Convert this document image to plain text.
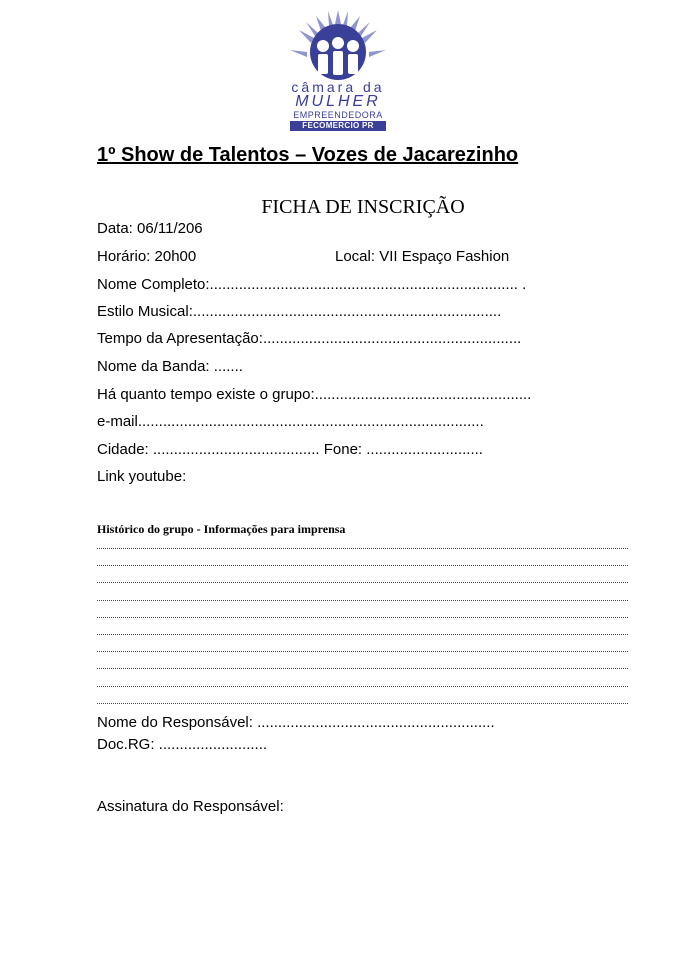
câmara da
MULHER
EMPREENDEDORA
FECOMERCIO PR
1º Show de Talentos – Vozes de Jacarezinho
FICHA DE INSCRIÇÃO
Data: 06/11/206
Horário: 20h00	Local: VII Espaço Fashion
Nome Completo:.......................................................................... .
Estilo Musical:..........................................................................
Tempo da Apresentação:..............................................................
Nome da Banda: .......
Há quanto tempo existe o grupo:....................................................
e-mail...................................................................................
Cidade: ........................................ Fone: ............................
Link youtube:
Histórico do grupo - Informações para imprensa
Nome do Responsável: .........................................................
Doc.RG: ..........................
Assinatura do Responsável:
